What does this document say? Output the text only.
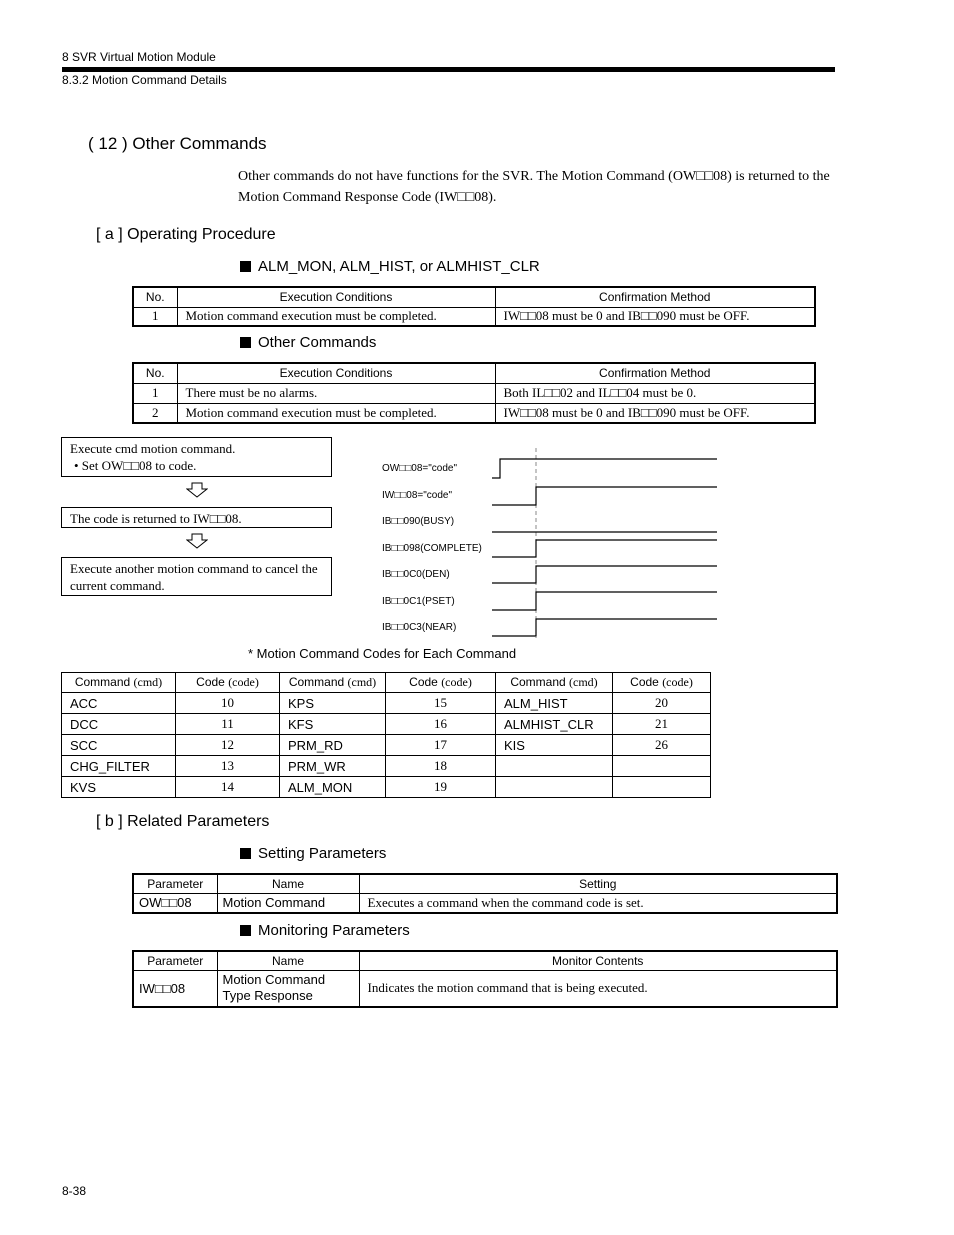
8 SVR Virtual Motion Module
8.3.2 Motion Command Details
( 12 ) Other Commands
Other commands do not have functions for the SVR. The Motion Command (OW□□08) is returned to the Motion Command Response Code (IW□□08).
[ a ] Operating Procedure
ALM_MON, ALM_HIST, or ALMHIST_CLR
No.	Execution Conditions	Confirmation Method
1	Motion command execution must be completed.	IW□□08 must be 0 and IB□□090 must be OFF.
Other Commands
No.	Execution Conditions	Confirmation Method
1	There must be no alarms.	Both IL□□02 and IL□□04 must be 0.
2	Motion command execution must be completed.	IW□□08 must be 0 and IB□□090 must be OFF.
Execute cmd motion command.
• Set OW□□08 to code.
The code is returned to IW□□08.
Execute another motion command to cancel the current command.
OW□□08="code"
IW□□08="code"
IB□□090(BUSY)
IB□□098(COMPLETE)
IB□□0C0(DEN)
IB□□0C1(PSET)
IB□□0C3(NEAR)
* Motion Command Codes for Each Command
Command (cmd)	Code (code)	Command (cmd)	Code (code)	Command (cmd)	Code (code)
ACC	10	KPS	15	ALM_HIST	20
DCC	11	KFS	16	ALMHIST_CLR	21
SCC	12	PRM_RD	17	KIS	26
CHG_FILTER	13	PRM_WR	18		
KVS	14	ALM_MON	19		
[ b ] Related Parameters
Setting Parameters
Parameter	Name	Setting
OW□□08	Motion Command	Executes a command when the command code is set.
Monitoring Parameters
Parameter	Name	Monitor Contents
IW□□08	Motion Command Type Response	Indicates the motion command that is being executed.
8-38
